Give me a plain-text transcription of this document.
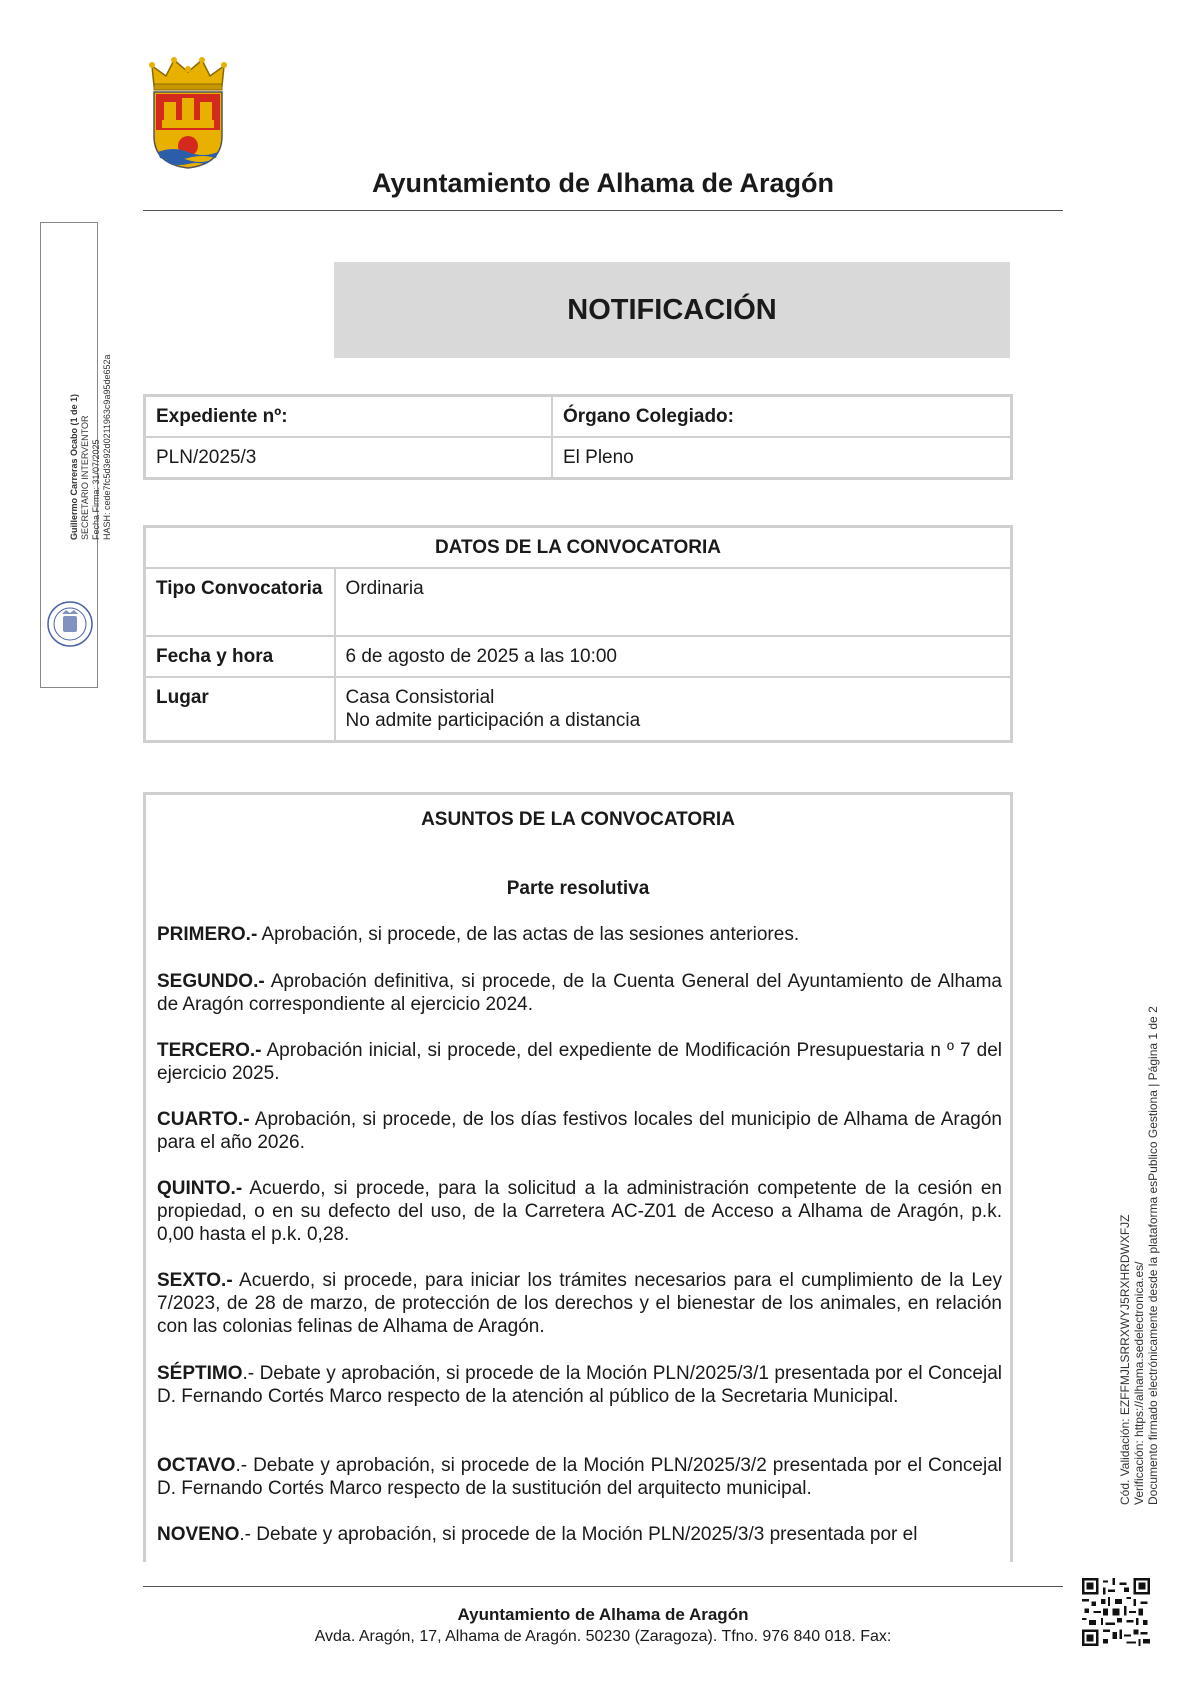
Ayuntamiento de Alhama de Aragón
Guillermo Carreras Ocabo (1 de 1) SECRETARIO INTERVENTOR Fecha Firma: 31/07/2025 HASH: cede7fc5d3e92d0211963c9a95de652a
NOTIFICACIÓN
Expediente nº:	Órgano Colegiado:
PLN/2025/3	El Pleno
DATOS DE LA CONVOCATORIA	
Tipo Convocatoria	Ordinaria
Fecha y hora	6 de agosto de 2025 a las 10:00
Lugar	Casa Consistorial
No admite participación a distancia
ASUNTOS DE LA CONVOCATORIA
Parte resolutiva
PRIMERO.- Aprobación, si procede, de las actas de las sesiones anteriores.
SEGUNDO.- Aprobación definitiva, si procede, de la Cuenta General del Ayuntamiento de Alhama de Aragón correspondiente al ejercicio 2024.
TERCERO.- Aprobación inicial, si procede, del expediente de Modificación Presupuestaria n º 7 del ejercicio 2025.
CUARTO.- Aprobación, si procede, de los días festivos locales del municipio de Alhama de Aragón para el año 2026.
QUINTO.- Acuerdo, si procede, para la solicitud a la administración competente de la cesión en propiedad, o en su defecto del uso, de la Carretera AC-Z01 de Acceso a Alhama de Aragón, p.k. 0,00 hasta el p.k. 0,28.
SEXTO.- Acuerdo, si procede, para iniciar los trámites necesarios para el cumplimiento de la Ley 7/2023, de 28 de marzo, de protección de los derechos y el bienestar de los animales, en relación con las colonias felinas de Alhama de Aragón.
SÉPTIMO.- Debate y aprobación, si procede de la Moción PLN/2025/3/1 presentada por el Concejal D. Fernando Cortés Marco respecto de la atención al público de la Secretaria Municipal.
OCTAVO.- Debate y aprobación, si procede de la Moción PLN/2025/3/2 presentada por el Concejal D. Fernando Cortés Marco respecto de la sustitución del arquitecto municipal.
NOVENO.- Debate y aprobación, si procede de la Moción PLN/2025/3/3 presentada por el
Cód. Validación: EZFFMJLSRRXWYJ5RXHRDWXFJZ Verificación: https://alhama.sedelectronica.es/ Documento firmado electrónicamente desde la plataforma esPublico Gestiona | Página 1 de 2
Ayuntamiento de Alhama de Aragón
Avda. Aragón, 17, Alhama de Aragón. 50230 (Zaragoza). Tfno. 976 840 018. Fax:
